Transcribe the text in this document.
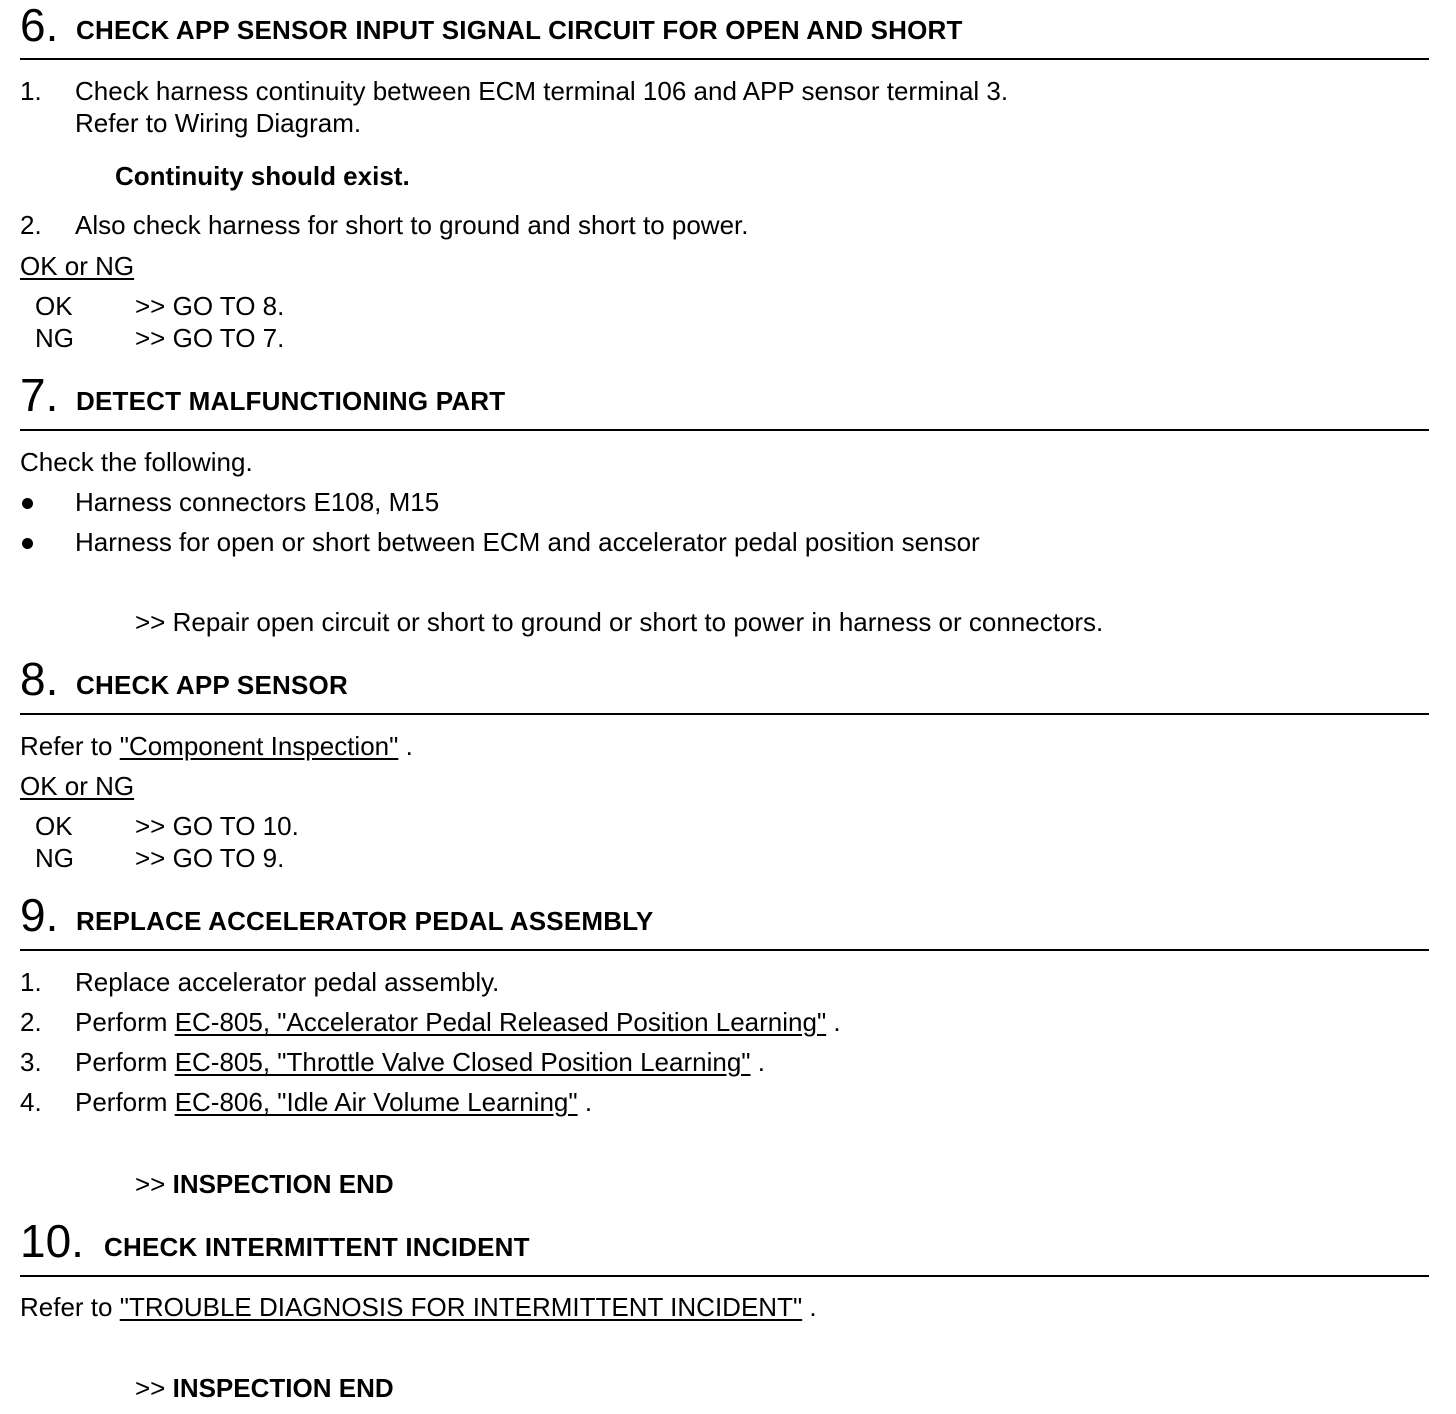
6. CHECK APP SENSOR INPUT SIGNAL CIRCUIT FOR OPEN AND SHORT
1. Check harness continuity between ECM terminal 106 and APP sensor terminal 3.
Refer to Wiring Diagram.
Continuity should exist.
2. Also check harness for short to ground and short to power.
OK or NG
OK >> GO TO 8.
NG >> GO TO 7.
7. DETECT MALFUNCTIONING PART
Check the following.
Harness connectors E108, M15
Harness for open or short between ECM and accelerator pedal position sensor
>> Repair open circuit or short to ground or short to power in harness or connectors.
8. CHECK APP SENSOR
Refer to "Component Inspection" .
OK or NG
OK >> GO TO 10.
NG >> GO TO 9.
9. REPLACE ACCELERATOR PEDAL ASSEMBLY
1. Replace accelerator pedal assembly.
2. Perform EC-805, "Accelerator Pedal Released Position Learning" .
3. Perform EC-805, "Throttle Valve Closed Position Learning" .
4. Perform EC-806, "Idle Air Volume Learning" .
>> INSPECTION END
10. CHECK INTERMITTENT INCIDENT
Refer to "TROUBLE DIAGNOSIS FOR INTERMITTENT INCIDENT" .
>> INSPECTION END
